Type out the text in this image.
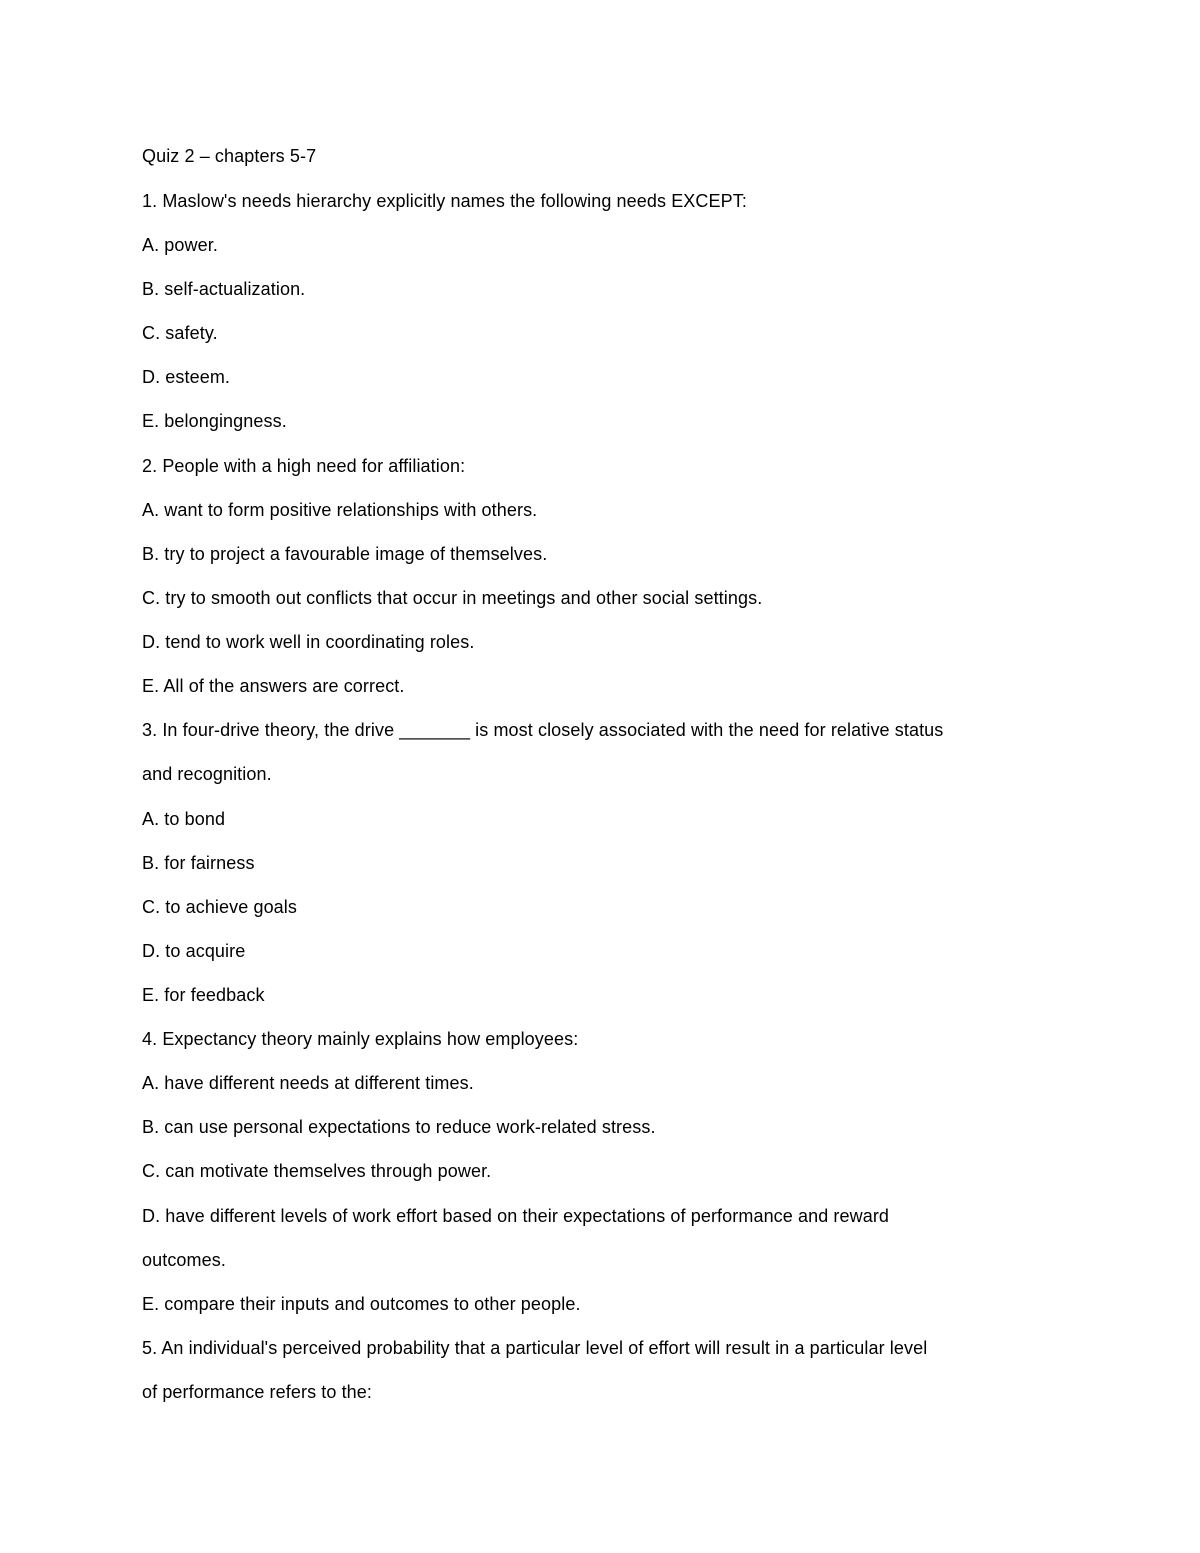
Quiz 2 – chapters 5-7
1. Maslow's needs hierarchy explicitly names the following needs EXCEPT:
A. power.
B. self-actualization.
C. safety.
D. esteem.
E. belongingness.
2. People with a high need for affiliation:
A. want to form positive relationships with others.
B. try to project a favourable image of themselves.
C. try to smooth out conflicts that occur in meetings and other social settings.
D. tend to work well in coordinating roles.
E. All of the answers are correct.
3. In four-drive theory, the drive _______ is most closely associated with the need for relative status
and recognition.
A. to bond
B. for fairness
C. to achieve goals
D. to acquire
E. for feedback
4. Expectancy theory mainly explains how employees:
A. have different needs at different times.
B. can use personal expectations to reduce work-related stress.
C. can motivate themselves through power.
D. have different levels of work effort based on their expectations of performance and reward
outcomes.
E. compare their inputs and outcomes to other people.
5. An individual's perceived probability that a particular level of effort will result in a particular level
of performance refers to the:
